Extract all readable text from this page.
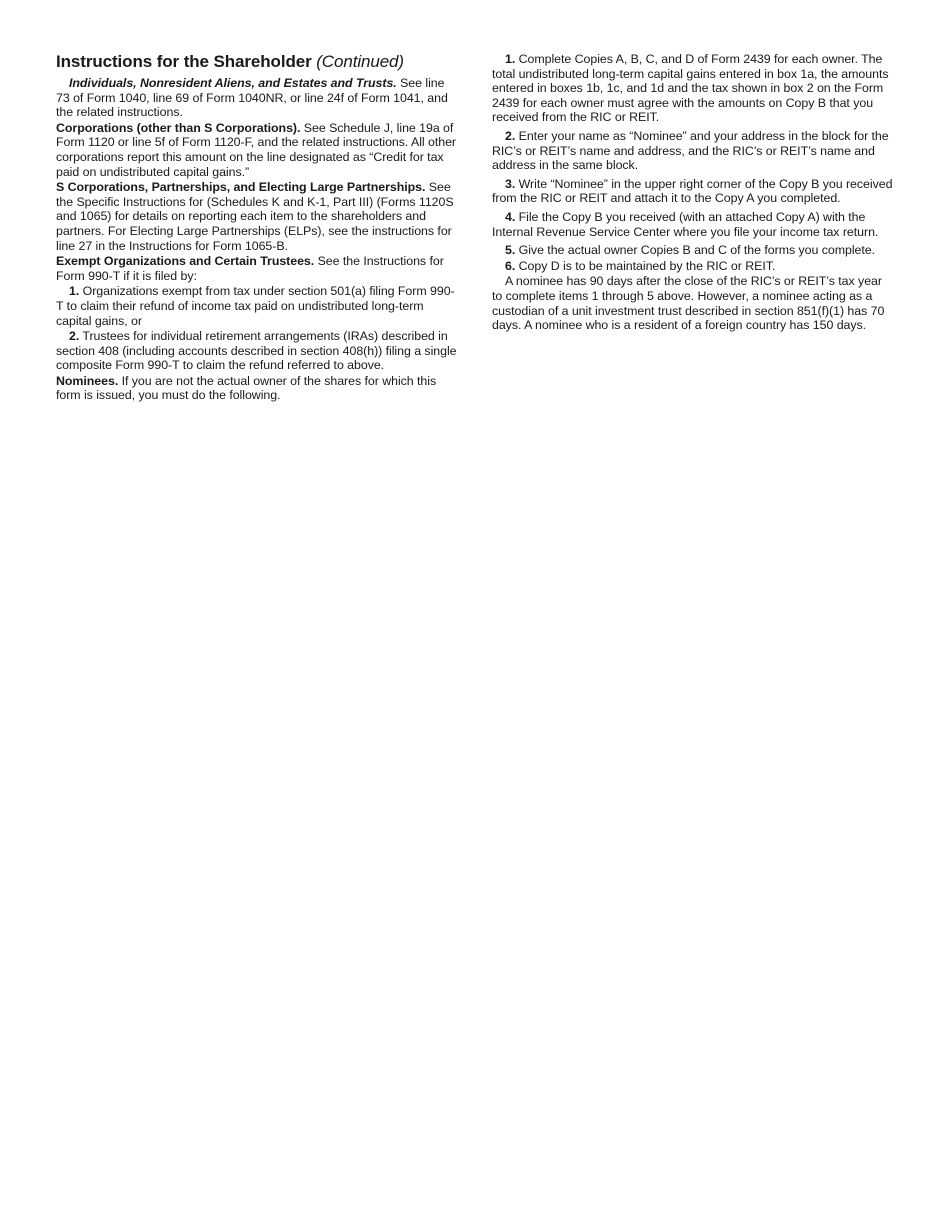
Instructions for the Shareholder (Continued)

Individuals, Nonresident Aliens, and Estates and Trusts. See line 73 of Form 1040, line 69 of Form 1040NR, or line 24f of Form 1041, and the related instructions.

Corporations (other than S Corporations). See Schedule J, line 19a of Form 1120 or line 5f of Form 1120-F, and the related instructions. All other corporations report this amount on the line designated as “Credit for tax paid on undistributed capital gains.”

S Corporations, Partnerships, and Electing Large Partnerships. See the Specific Instructions for (Schedules K and K-1, Part III) (Forms 1120S and 1065) for details on reporting each item to the shareholders and partners. For Electing Large Partnerships (ELPs), see the instructions for line 27 in the Instructions for Form 1065-B.

Exempt Organizations and Certain Trustees. See the Instructions for Form 990-T if it is filed by:

1. Organizations exempt from tax under section 501(a) filing Form 990-T to claim their refund of income tax paid on undistributed long-term capital gains, or

2. Trustees for individual retirement arrangements (IRAs) described in section 408 (including accounts described in section 408(h)) filing a single composite Form 990-T to claim the refund referred to above.

Nominees. If you are not the actual owner of the shares for which this form is issued, you must do the following.

1. Complete Copies A, B, C, and D of Form 2439 for each owner. The total undistributed long-term capital gains entered in box 1a, the amounts entered in boxes 1b, 1c, and 1d and the tax shown in box 2 on the Form 2439 for each owner must agree with the amounts on Copy B that you received from the RIC or REIT.

2. Enter your name as “Nominee” and your address in the block for the RIC’s or REIT’s name and address, and the RIC’s or REIT’s name and address in the same block.

3. Write “Nominee” in the upper right corner of the Copy B you received from the RIC or REIT and attach it to the Copy A you completed.

4. File the Copy B you received (with an attached Copy A) with the Internal Revenue Service Center where you file your income tax return.

5. Give the actual owner Copies B and C of the forms you complete.

6. Copy D is to be maintained by the RIC or REIT.

A nominee has 90 days after the close of the RIC’s or REIT’s tax year to complete items 1 through 5 above. However, a nominee acting as a custodian of a unit investment trust described in section 851(f)(1) has 70 days. A nominee who is a resident of a foreign country has 150 days.
